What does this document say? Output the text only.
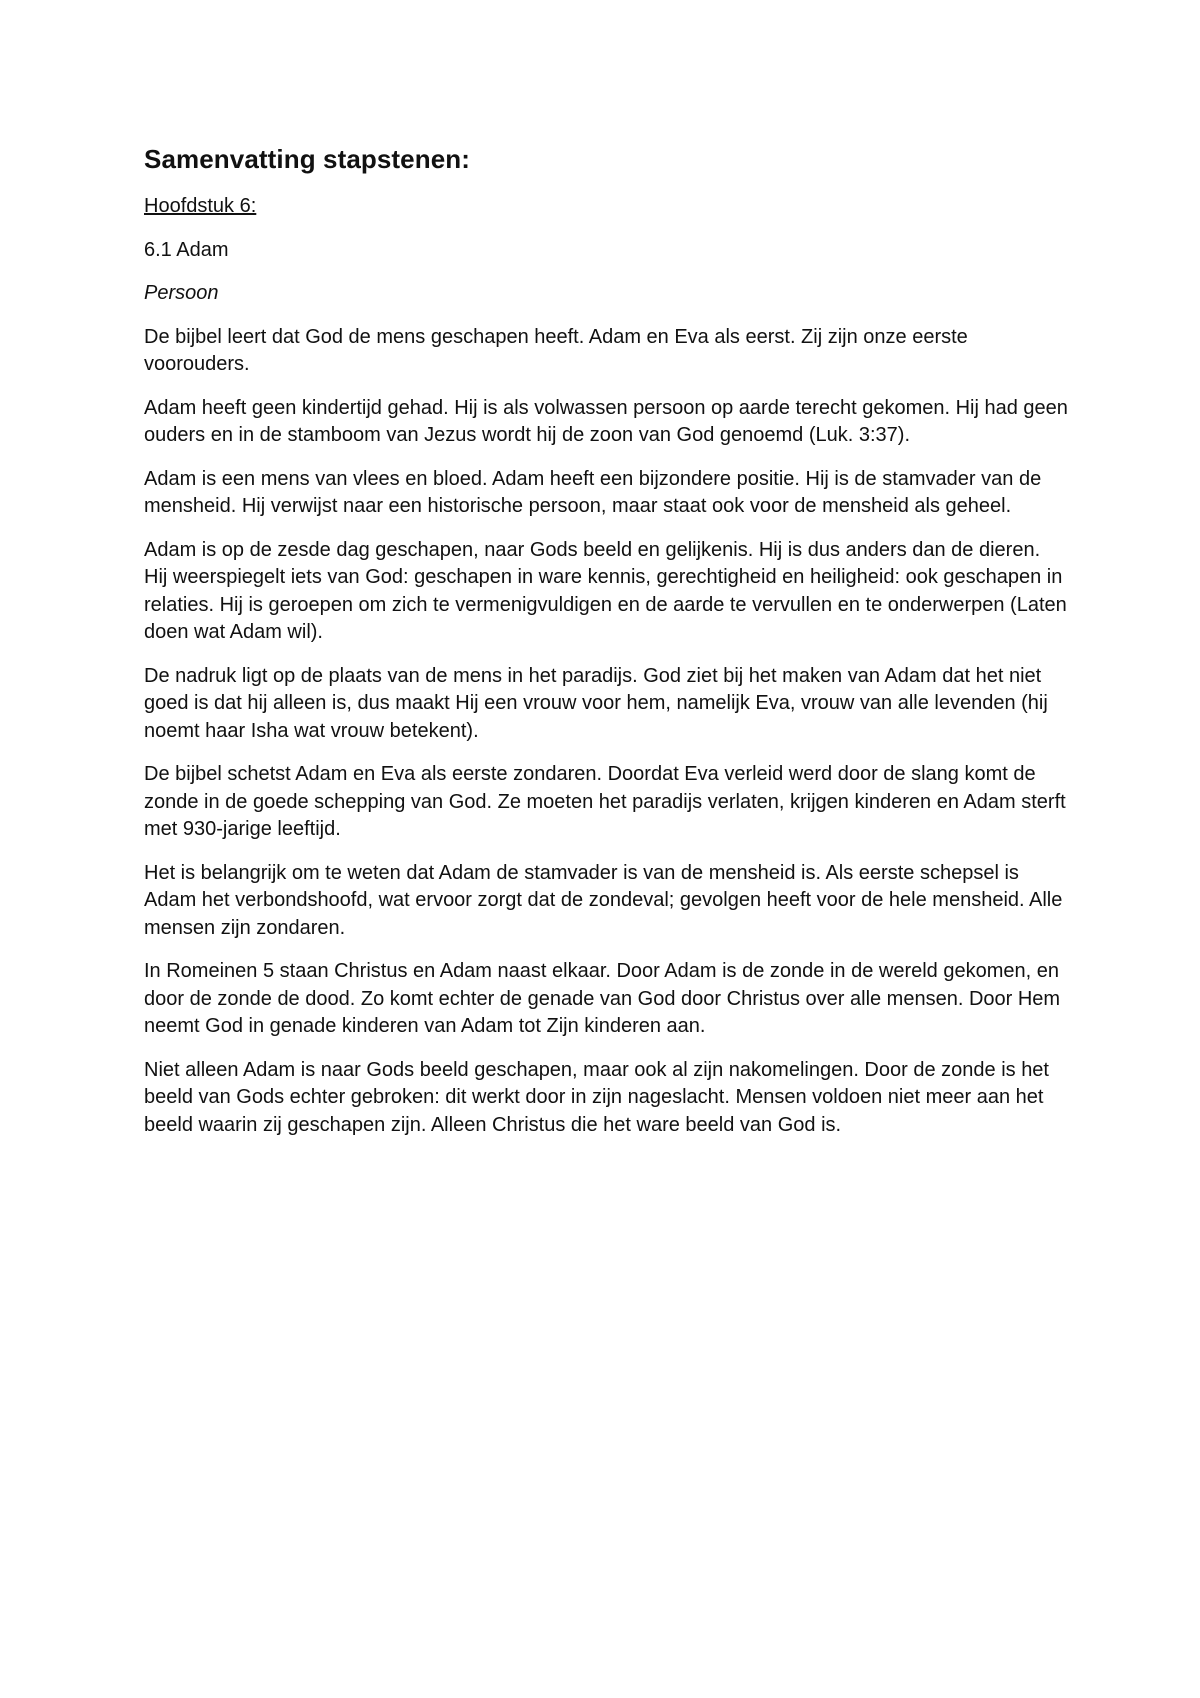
Samenvatting stapstenen:

Hoofdstuk 6:

6.1 Adam

Persoon

De bijbel leert dat God de mens geschapen heeft. Adam en Eva als eerst. Zij zijn onze eerste voorouders.

Adam heeft geen kindertijd gehad. Hij is als volwassen persoon op aarde terecht gekomen. Hij had geen ouders en in de stamboom van Jezus wordt hij de zoon van God genoemd (Luk. 3:37).

Adam is een mens van vlees en bloed. Adam heeft een bijzondere positie. Hij is de stamvader van de mensheid. Hij verwijst naar een historische persoon, maar staat ook voor de mensheid als geheel.

Adam is op de zesde dag geschapen, naar Gods beeld en gelijkenis. Hij is dus anders dan de dieren. Hij weerspiegelt iets van God: geschapen in ware kennis, gerechtigheid en heiligheid: ook geschapen in relaties. Hij is geroepen om zich te vermenigvuldigen en de aarde te vervullen en te onderwerpen (Laten doen wat Adam wil).

De nadruk ligt op de plaats van de mens in het paradijs. God ziet bij het maken van Adam dat het niet goed is dat hij alleen is, dus maakt Hij een vrouw voor hem, namelijk Eva, vrouw van alle levenden (hij noemt haar Isha wat vrouw betekent).

De bijbel schetst Adam en Eva als eerste zondaren. Doordat Eva verleid werd door de slang komt de zonde in de goede schepping van God. Ze moeten het paradijs verlaten, krijgen kinderen en Adam sterft met 930-jarige leeftijd.

Het is belangrijk om te weten dat Adam de stamvader is van de mensheid is. Als eerste schepsel is Adam het verbondshoofd, wat ervoor zorgt dat de zondeval; gevolgen heeft voor de hele mensheid. Alle mensen zijn zondaren.

In Romeinen 5 staan Christus en Adam naast elkaar. Door Adam is de zonde in de wereld gekomen, en door de zonde de dood. Zo komt echter de genade van God door Christus over alle mensen. Door Hem neemt God in genade kinderen van Adam tot Zijn kinderen aan.

Niet alleen Adam is naar Gods beeld geschapen, maar ook al zijn nakomelingen. Door de zonde is het beeld van Gods echter gebroken: dit werkt door in zijn nageslacht. Mensen voldoen niet meer aan het beeld waarin zij geschapen zijn. Alleen Christus die het ware beeld van God is.
